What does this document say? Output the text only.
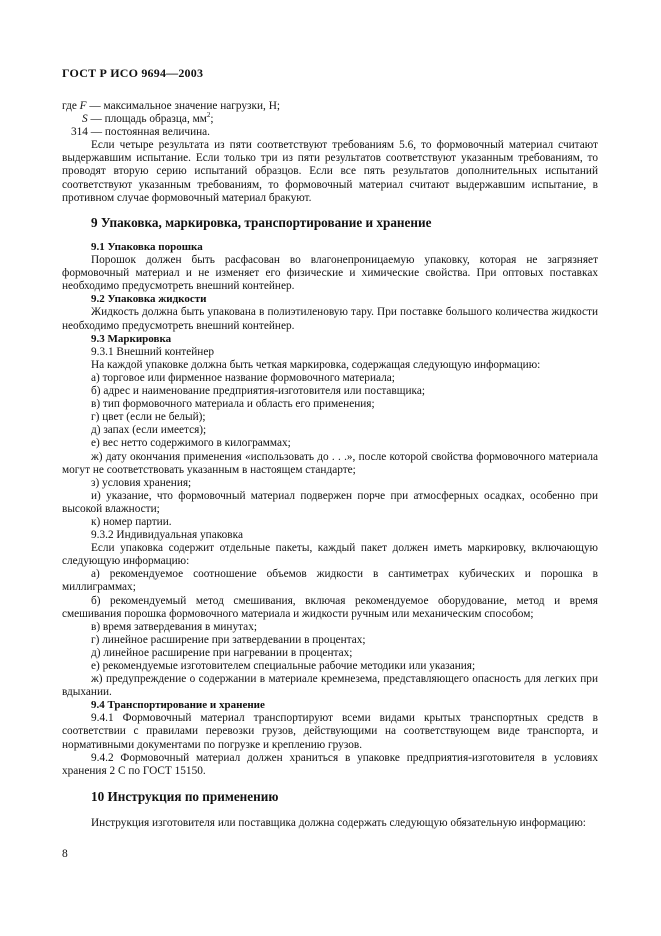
ГОСТ Р ИСО 9694—2003

где F — максимальное значение нагрузки, Н;

S — площадь образца, $мм^2$;

314 — постоянная величина.

Если четыре результата из пяти соответствуют требованиям 5.6, то формовочный материал считают выдержавшим испытание. Если только три из пяти результатов соответствуют указанным требованиям, то проводят вторую серию испытаний образцов. Если все пять результатов дополнительных испытаний соответствуют указанным требованиям, то формовочный материал считают выдержавшим испытание, в противном случае формовочный материал бракуют.

9 Упаковка, маркировка, транспортирование и хранение

9.1 Упаковка порошка

Порошок должен быть расфасован во влагонепроницаемую упаковку, которая не загрязняет формовочный материал и не изменяет его физические и химические свойства. При оптовых поставках необходимо предусмотреть внешний контейнер.

9.2 Упаковка жидкости

Жидкость должна быть упакована в полиэтиленовую тару. При поставке большого количества жидкости необходимо предусмотреть внешний контейнер.

9.3 Маркировка

9.3.1 Внешний контейнер

На каждой упаковке должна быть четкая маркировка, содержащая следующую информацию:

а) торговое или фирменное название формовочного материала;

б) адрес и наименование предприятия-изготовителя или поставщика;

в) тип формовочного материала и область его применения;

г) цвет (если не белый);

д) запах (если имеется);

е) вес нетто содержимого в килограммах;

ж) дату окончания применения «использовать до . . .», после которой свойства формовочного материала могут не соответствовать указанным в настоящем стандарте;

з) условия хранения;

и) указание, что формовочный материал подвержен порче при атмосферных осадках, особенно при высокой влажности;

к) номер партии.

9.3.2 Индивидуальная упаковка

Если упаковка содержит отдельные пакеты, каждый пакет должен иметь маркировку, включающую следующую информацию:

а) рекомендуемое соотношение объемов жидкости в сантиметрах кубических и порошка в миллиграммах;

б) рекомендуемый метод смешивания, включая рекомендуемое оборудование, метод и время смешивания порошка формовочного материала и жидкости ручным или механическим способом;

в) время затвердевания в минутах;

г) линейное расширение при затвердевании в процентах;

д) линейное расширение при нагревании в процентах;

е) рекомендуемые изготовителем специальные рабочие методики или указания;

ж) предупреждение о содержании в материале кремнезема, представляющего опасность для легких при вдыхании.

9.4 Транспортирование и хранение

9.4.1 Формовочный материал транспортируют всеми видами крытых транспортных средств в соответствии с правилами перевозки грузов, действующими на соответствующем виде транспорта, и нормативными документами по погрузке и креплению грузов.

9.4.2 Формовочный материал должен храниться в упаковке предприятия-изготовителя в условиях хранения 2 С по ГОСТ 15150.

10 Инструкция по применению

Инструкция изготовителя или поставщика должна содержать следующую обязательную информацию:

8
